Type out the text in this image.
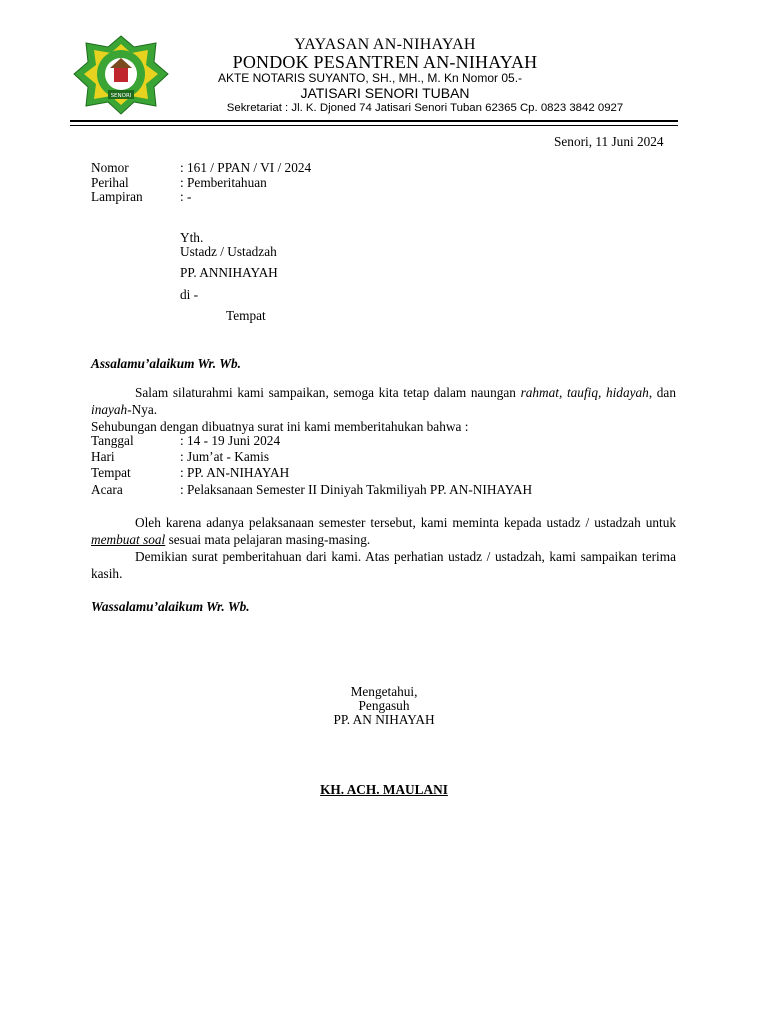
SENORI
YAYASAN AN-NIHAYAH
PONDOK PESANTREN AN-NIHAYAH
AKTE NOTARIS SUYANTO, SH., MH., M. Kn Nomor 05.-
JATISARI SENORI TUBAN
Sekretariat : Jl. K. Djoned 74 Jatisari Senori Tuban 62365 Cp. 0823 3842 0927
Senori, 11 Juni 2024
Nomor	: 161 / PPAN / VI / 2024
Perihal	: Pemberitahuan
Lampiran	: -
Yth.
Ustadz / Ustadzah
PP. ANNIHAYAH
di -
Tempat
Assalamu’alaikum Wr. Wb.

Salam silaturahmi kami sampaikan, semoga kita tetap dalam naungan rahmat, taufiq, hidayah, dan inayah-Nya.

Sehubungan dengan dibuatnya surat ini kami memberitahukan bahwa :

Tanggal	: 14 - 19 Juni 2024
Hari	: Jum’at - Kamis
Tempat	: PP. AN-NIHAYAH
Acara	: Pelaksanaan Semester II Diniyah Takmiliyah PP. AN-NIHAYAH

Oleh karena adanya pelaksanaan semester tersebut, kami meminta kepada ustadz / ustadzah untuk membuat soal sesuai mata pelajaran masing-masing.

Demikian surat pemberitahuan dari kami. Atas perhatian ustadz / ustadzah, kami sampaikan terima kasih.

Wassalamu’alaikum Wr. Wb.
Mengetahui,
Pengasuh
PP. AN NIHAYAH
KH. ACH. MAULANI
